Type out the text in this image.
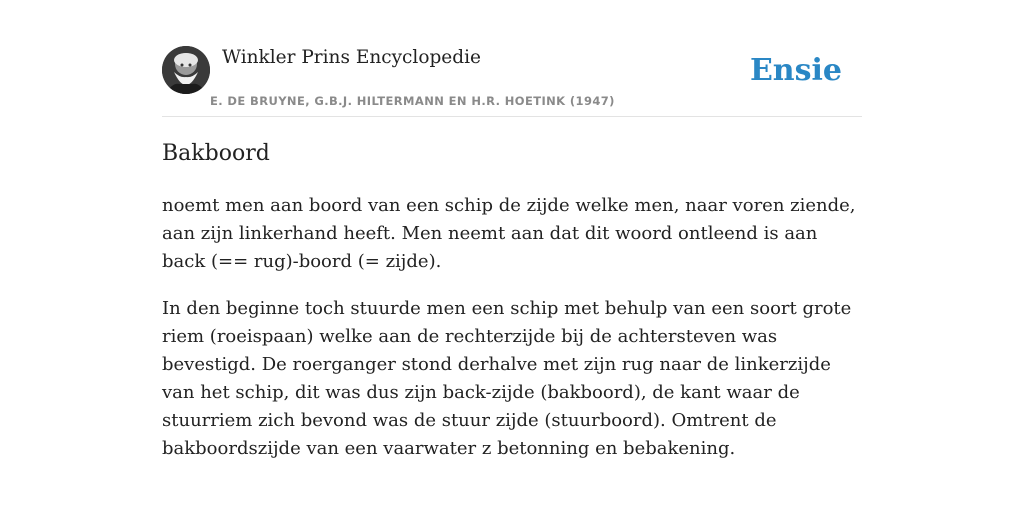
Winkler Prins Encyclopedie
E. DE BRUYNE, G.B.J. HILTERMANN EN H.R. HOETINK (1947)
Ensie
Bakboord

noemt men aan boord van een schip de zijde welke men, naar voren ziende, aan zijn linkerhand heeft. Men neemt aan dat dit woord ontleend is aan back (== rug)-boord (= zijde).

In den beginne toch stuurde men een schip met behulp van een soort grote riem (roeispaan) welke aan de rechterzijde bij de achtersteven was bevestigd. De roerganger stond derhalve met zijn rug naar de linkerzijde van het schip, dit was dus zijn back-zijde (bakboord), de kant waar de stuurriem zich bevond was de stuur zijde (stuurboord). Omtrent de bakboordszijde van een vaarwater z betonning en bebakening.
